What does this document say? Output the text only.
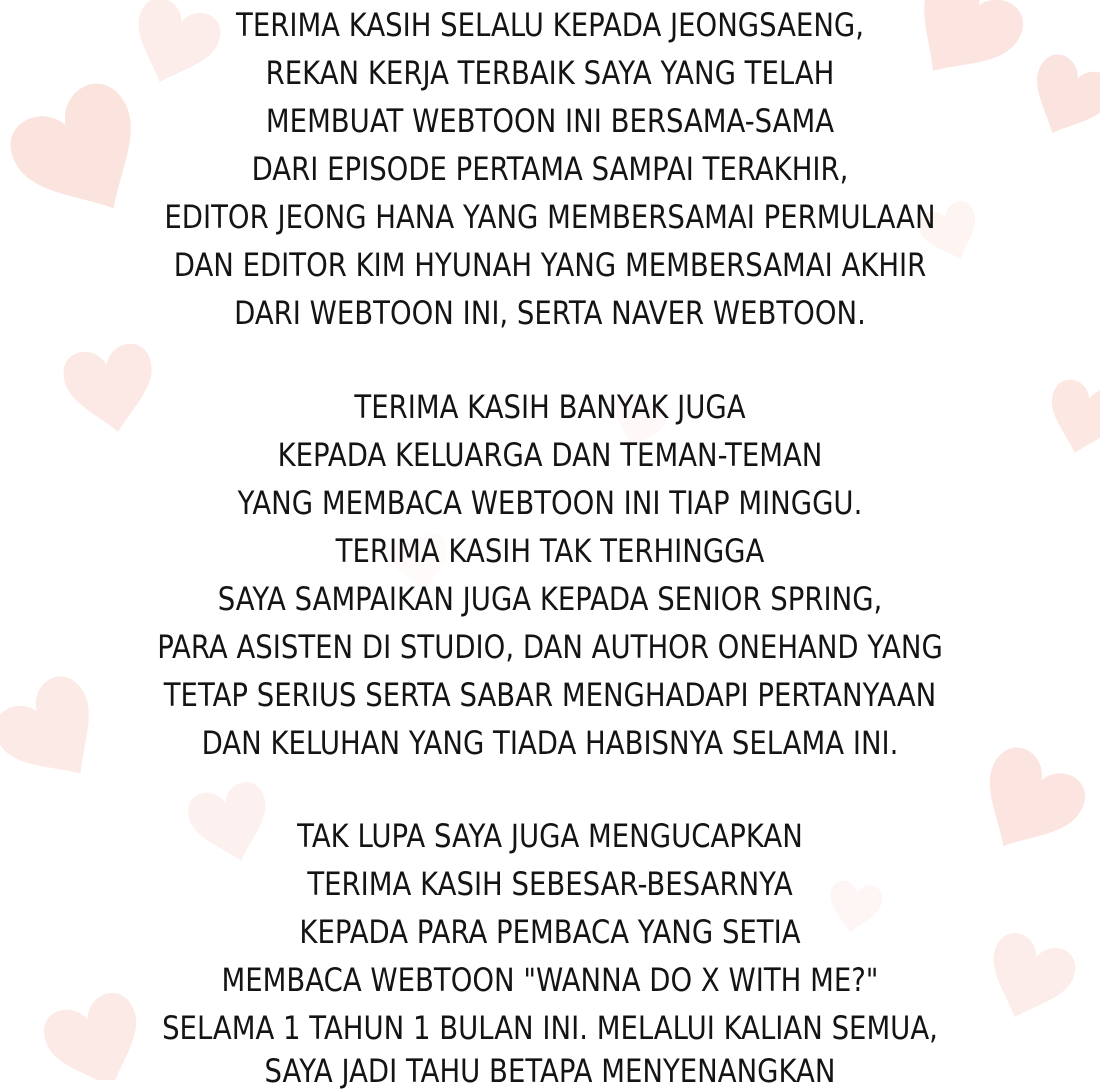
TERIMA KASIH SELALU KEPADA JEONGSAENG,
REKAN KERJA TERBAIK SAYA YANG TELAH
MEMBUAT WEBTOON INI BERSAMA-SAMA
DARI EPISODE PERTAMA SAMPAI TERAKHIR,
EDITOR JEONG HANA YANG MEMBERSAMAI PERMULAAN
DAN EDITOR KIM HYUNAH YANG MEMBERSAMAI AKHIR
DARI WEBTOON INI, SERTA NAVER WEBTOON.
TERIMA KASIH BANYAK JUGA
KEPADA KELUARGA DAN TEMAN-TEMAN
YANG MEMBACA WEBTOON INI TIAP MINGGU.
TERIMA KASIH TAK TERHINGGA
SAYA SAMPAIKAN JUGA KEPADA SENIOR SPRING,
PARA ASISTEN DI STUDIO, DAN AUTHOR ONEHAND YANG
TETAP SERIUS SERTA SABAR MENGHADAPI PERTANYAAN
DAN KELUHAN YANG TIADA HABISNYA SELAMA INI.
TAK LUPA SAYA JUGA MENGUCAPKAN
TERIMA KASIH SEBESAR-BESARNYA
KEPADA PARA PEMBACA YANG SETIA
MEMBACA WEBTOON "WANNA DO X WITH ME?"
SELAMA 1 TAHUN 1 BULAN INI. MELALUI KALIAN SEMUA,
SAYA JADI TAHU BETAPA MENYENANGKAN
